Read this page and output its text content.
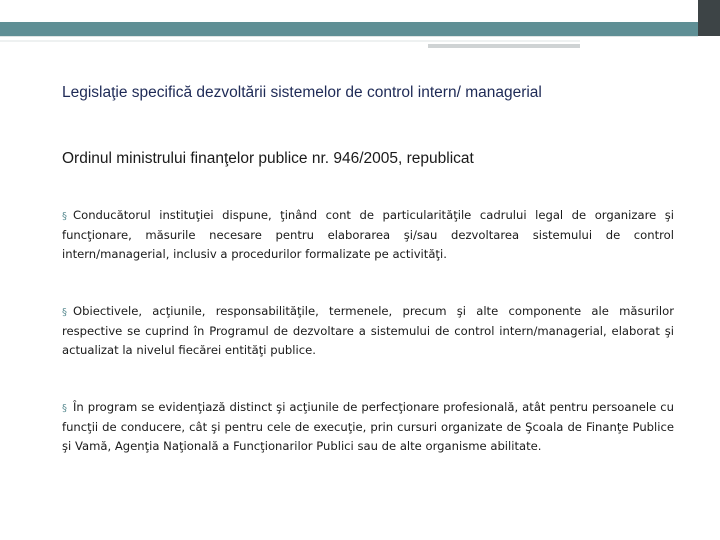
Legislaţie specifică dezvoltării sistemelor de control intern/ managerial
Ordinul ministrului finanţelor publice nr. 946/2005, republicat
§ Conducătorul instituţiei dispune, ţinând cont de particularităţile cadrului legal de organizare şi funcţionare, măsurile necesare pentru elaborarea şi/sau dezvoltarea sistemului de control intern/managerial, inclusiv a procedurilor formalizate pe activităţi.
§ Obiectivele, acţiunile, responsabilităţile, termenele, precum şi alte componente ale măsurilor respective se cuprind în Programul de dezvoltare a sistemului de control intern/managerial, elaborat şi actualizat la nivelul fiecărei entităţi publice.
§ În program se evidenţiază distinct şi acţiunile de perfecţionare profesională, atât pentru persoanele cu funcţii de conducere, cât şi pentru cele de execuţie, prin cursuri organizate de Şcoala de Finanţe Publice şi Vamă, Agenţia Naţională a Funcţionarilor Publici sau de alte organisme abilitate.
